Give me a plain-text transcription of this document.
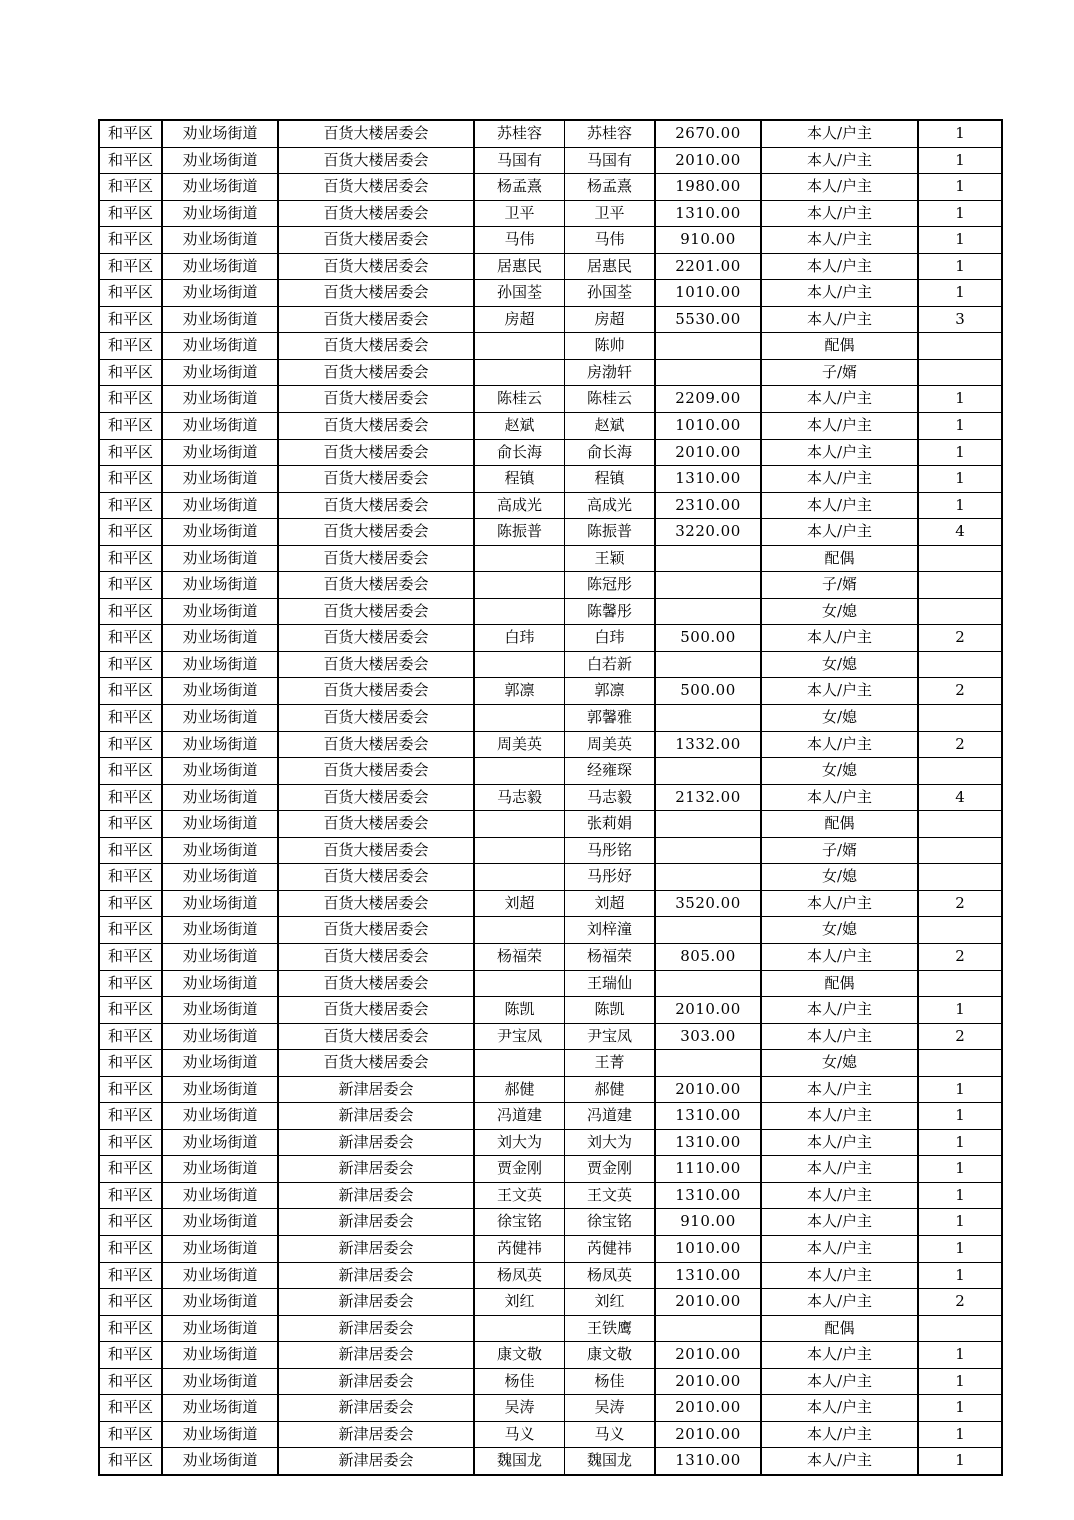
和平区	劝业场街道	百货大楼居委会	苏桂容	苏桂容	2670.00	本人/户主	1
和平区	劝业场街道	百货大楼居委会	马国有	马国有	2010.00	本人/户主	1
和平区	劝业场街道	百货大楼居委会	杨孟熹	杨孟熹	1980.00	本人/户主	1
和平区	劝业场街道	百货大楼居委会	卫平	卫平	1310.00	本人/户主	1
和平区	劝业场街道	百货大楼居委会	马伟	马伟	910.00	本人/户主	1
和平区	劝业场街道	百货大楼居委会	居惠民	居惠民	2201.00	本人/户主	1
和平区	劝业场街道	百货大楼居委会	孙国荃	孙国荃	1010.00	本人/户主	1
和平区	劝业场街道	百货大楼居委会	房超	房超	5530.00	本人/户主	3
和平区	劝业场街道	百货大楼居委会		陈帅		配偶	
和平区	劝业场街道	百货大楼居委会		房渤轩		子/婿	
和平区	劝业场街道	百货大楼居委会	陈桂云	陈桂云	2209.00	本人/户主	1
和平区	劝业场街道	百货大楼居委会	赵斌	赵斌	1010.00	本人/户主	1
和平区	劝业场街道	百货大楼居委会	俞长海	俞长海	2010.00	本人/户主	1
和平区	劝业场街道	百货大楼居委会	程镇	程镇	1310.00	本人/户主	1
和平区	劝业场街道	百货大楼居委会	高成光	高成光	2310.00	本人/户主	1
和平区	劝业场街道	百货大楼居委会	陈振普	陈振普	3220.00	本人/户主	4
和平区	劝业场街道	百货大楼居委会		王颖		配偶	
和平区	劝业场街道	百货大楼居委会		陈冠彤		子/婿	
和平区	劝业场街道	百货大楼居委会		陈馨彤		女/媳	
和平区	劝业场街道	百货大楼居委会	白玮	白玮	500.00	本人/户主	2
和平区	劝业场街道	百货大楼居委会		白若新		女/媳	
和平区	劝业场街道	百货大楼居委会	郭凛	郭凛	500.00	本人/户主	2
和平区	劝业场街道	百货大楼居委会		郭馨雅		女/媳	
和平区	劝业场街道	百货大楼居委会	周美英	周美英	1332.00	本人/户主	2
和平区	劝业场街道	百货大楼居委会		经雍琛		女/媳	
和平区	劝业场街道	百货大楼居委会	马志毅	马志毅	2132.00	本人/户主	4
和平区	劝业场街道	百货大楼居委会		张莉娟		配偶	
和平区	劝业场街道	百货大楼居委会		马彤铭		子/婿	
和平区	劝业场街道	百货大楼居委会		马彤妤		女/媳	
和平区	劝业场街道	百货大楼居委会	刘超	刘超	3520.00	本人/户主	2
和平区	劝业场街道	百货大楼居委会		刘梓潼		女/媳	
和平区	劝业场街道	百货大楼居委会	杨福荣	杨福荣	805.00	本人/户主	2
和平区	劝业场街道	百货大楼居委会		王瑞仙		配偶	
和平区	劝业场街道	百货大楼居委会	陈凯	陈凯	2010.00	本人/户主	1
和平区	劝业场街道	百货大楼居委会	尹宝凤	尹宝凤	303.00	本人/户主	2
和平区	劝业场街道	百货大楼居委会		王菁		女/媳	
和平区	劝业场街道	新津居委会	郝健	郝健	2010.00	本人/户主	1
和平区	劝业场街道	新津居委会	冯道建	冯道建	1310.00	本人/户主	1
和平区	劝业场街道	新津居委会	刘大为	刘大为	1310.00	本人/户主	1
和平区	劝业场街道	新津居委会	贾金刚	贾金刚	1110.00	本人/户主	1
和平区	劝业场街道	新津居委会	王文英	王文英	1310.00	本人/户主	1
和平区	劝业场街道	新津居委会	徐宝铭	徐宝铭	910.00	本人/户主	1
和平区	劝业场街道	新津居委会	芮健祎	芮健祎	1010.00	本人/户主	1
和平区	劝业场街道	新津居委会	杨凤英	杨凤英	1310.00	本人/户主	1
和平区	劝业场街道	新津居委会	刘红	刘红	2010.00	本人/户主	2
和平区	劝业场街道	新津居委会		王铁鹰		配偶	
和平区	劝业场街道	新津居委会	康文敬	康文敬	2010.00	本人/户主	1
和平区	劝业场街道	新津居委会	杨佳	杨佳	2010.00	本人/户主	1
和平区	劝业场街道	新津居委会	吴涛	吴涛	2010.00	本人/户主	1
和平区	劝业场街道	新津居委会	马义	马义	2010.00	本人/户主	1
和平区	劝业场街道	新津居委会	魏国龙	魏国龙	1310.00	本人/户主	1
